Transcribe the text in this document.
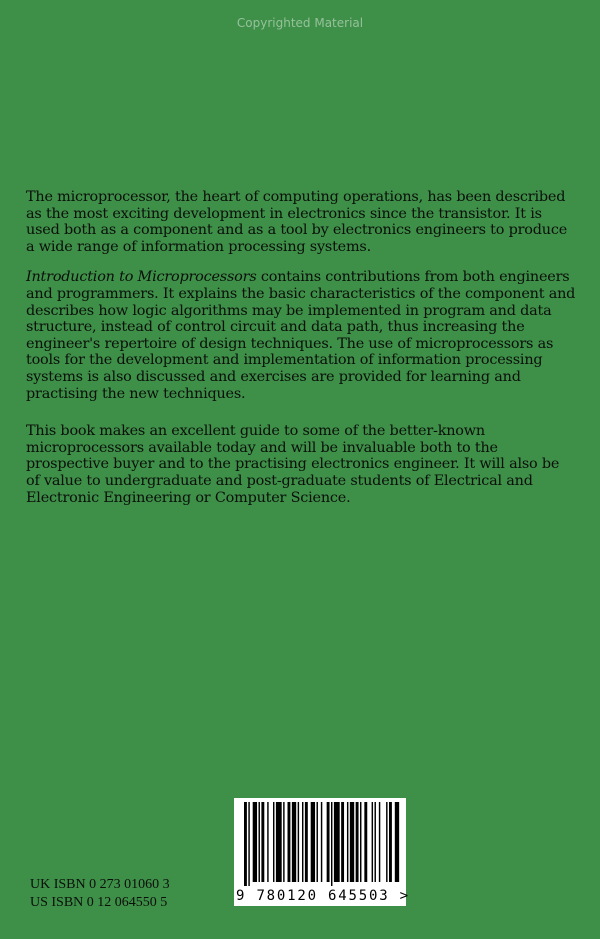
Copyrighted Material

The microprocessor, the heart of computing operations, has been described as the most exciting development in electronics since the transistor. It is used both as a component and as a tool by electronics engineers to produce a wide range of information processing systems.

Introduction to Microprocessors contains contributions from both engineers and programmers. It explains the basic characteristics of the component and describes how logic algorithms may be implemented in program and data structure, instead of control circuit and data path, thus increasing the engineer's repertoire of design techniques. The use of microprocessors as tools for the development and implementation of information processing systems is also discussed and exercises are provided for learning and practising the new techniques.

This book makes an excellent guide to some of the better-known microprocessors available today and will be invaluable both to the prospective buyer and to the practising electronics engineer. It will also be of value to undergraduate and post-graduate students of Electrical and Electronic Engineering or Computer Science.

9 780120 645503 >
UK ISBN 0 273 01060 3
US ISBN 0 12 064550 5
